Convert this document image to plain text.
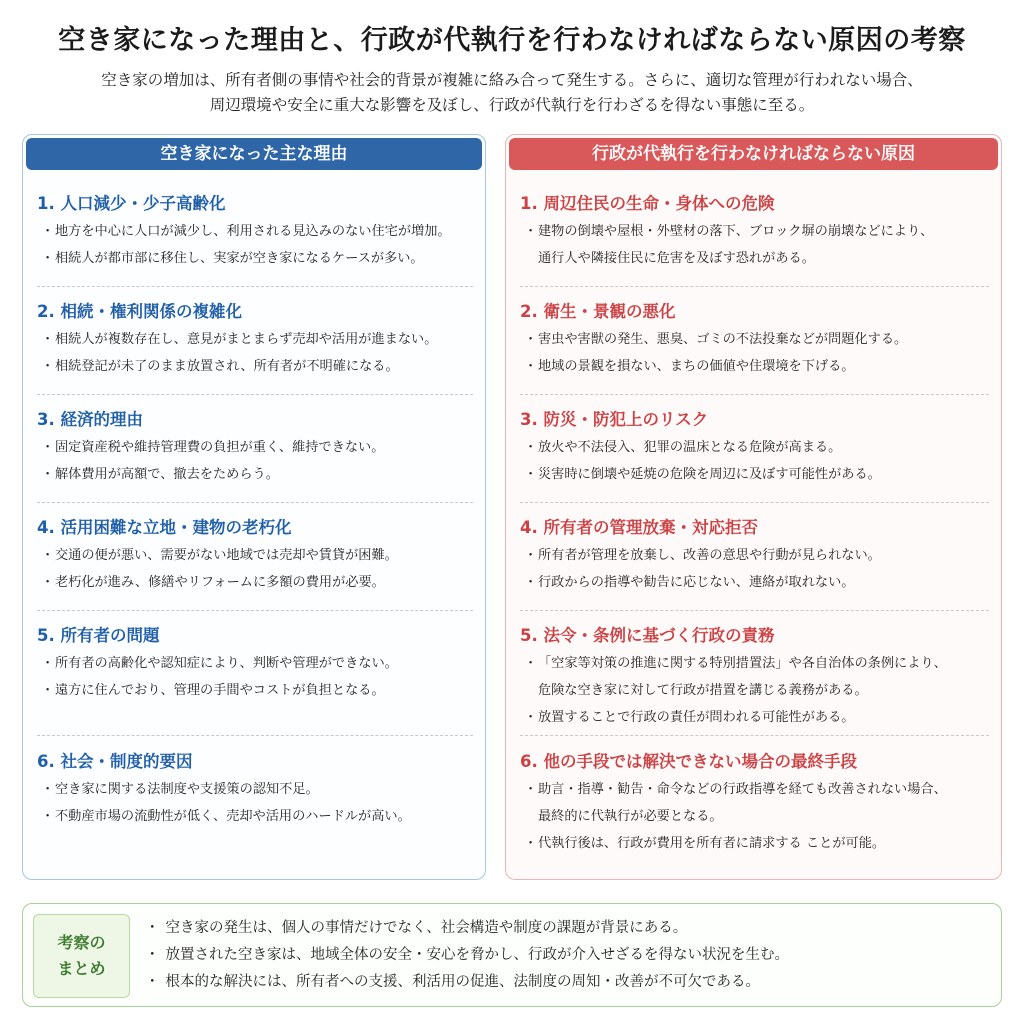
空き家になった理由と、行政が代執行を行わなければならない原因の考察
空き家の増加は、所有者側の事情や社会的背景が複雑に絡み合って発生する。さらに、適切な管理が行われない場合、
周辺環境や安全に重大な影響を及ぼし、行政が代執行を行わざるを得ない事態に至る。
空き家になった主な理由
1. 人口減少・少子高齢化
・ 地方を中心に人口が減少し、利用される見込みのない住宅が増加。
・ 相続人が都市部に移住し、実家が空き家になるケースが多い。
2. 相続・権利関係の複雑化
・ 相続人が複数存在し、意見がまとまらず売却や活用が進まない。
・ 相続登記が未了のまま放置され、所有者が不明確になる。
3. 経済的理由
・ 固定資産税や維持管理費の負担が重く、維持できない。
・ 解体費用が高額で、撤去をためらう。
4. 活用困難な立地・建物の老朽化
・ 交通の便が悪い、需要がない地域では売却や賃貸が困難。
・ 老朽化が進み、修繕やリフォームに多額の費用が必要。
5. 所有者の問題
・ 所有者の高齢化や認知症により、判断や管理ができない。
・ 遠方に住んでおり、管理の手間やコストが負担となる。
6. 社会・制度的要因
・ 空き家に関する法制度や支援策の認知不足。
・ 不動産市場の流動性が低く、売却や活用のハードルが高い。
行政が代執行を行わなければならない原因
1. 周辺住民の生命・身体への危険
・ 建物の倒壊や屋根・外壁材の落下、ブロック塀の崩壊などにより、
通行人や隣接住民に危害を及ぼす恐れがある。
2. 衛生・景観の悪化
・ 害虫や害獣の発生、悪臭、ゴミの不法投棄などが問題化する。
・ 地域の景観を損ない、まちの価値や住環境を下げる。
3. 防災・防犯上のリスク
・ 放火や不法侵入、犯罪の温床となる危険が高まる。
・ 災害時に倒壊や延焼の危険を周辺に及ぼす可能性がある。
4. 所有者の管理放棄・対応拒否
・ 所有者が管理を放棄し、改善の意思や行動が見られない。
・ 行政からの指導や勧告に応じない、連絡が取れない。
5. 法令・条例に基づく行政の責務
・ 「空家等対策の推進に関する特別措置法」や各自治体の条例により、
危険な空き家に対して行政が措置を講じる義務がある。
・ 放置することで行政の責任が問われる可能性がある。
6. 他の手段では解決できない場合の最終手段
・ 助言・指導・勧告・命令などの行政指導を経ても改善されない場合、
最終的に代執行が必要となる。
・ 代執行後は、行政が費用を所有者に請求する ことが可能。
考察の
まとめ
・ 空き家の発生は、個人の事情だけでなく、社会構造や制度の課題が背景にある。
・ 放置された空き家は、地域全体の安全・安心を脅かし、行政が介入せざるを得ない状況を生む。
・ 根本的な解決には、所有者への支援、利活用の促進、法制度の周知・改善が不可欠である。
